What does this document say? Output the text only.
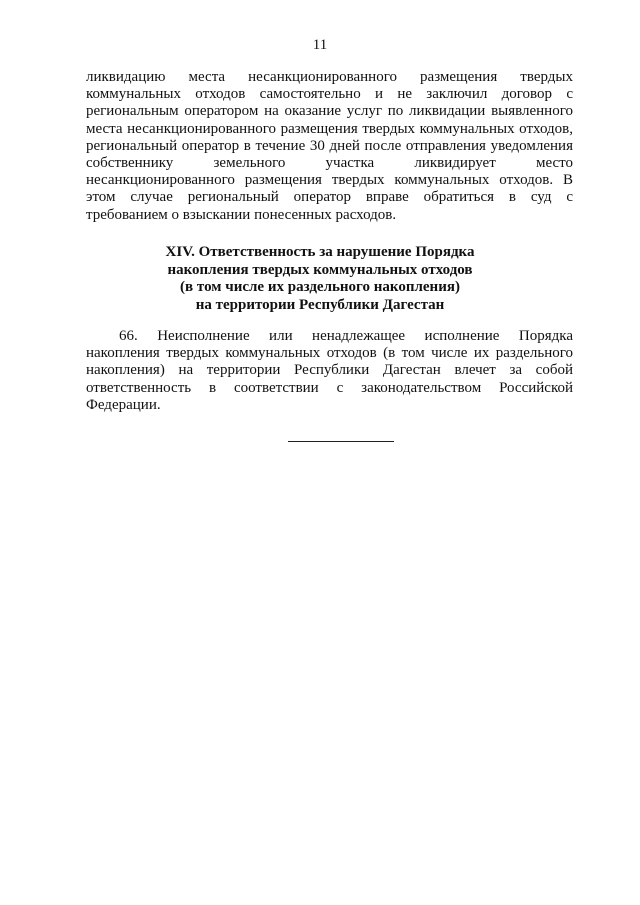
11
ликвидацию места несанкционированного размещения твердых
коммунальных отходов самостоятельно и не заключил договор с
региональным оператором на оказание услуг по ликвидации выявленного
места несанкционированного размещения твердых коммунальных отходов,
региональный оператор в течение 30 дней после отправления уведомления
собственнику земельного участка ликвидирует место
несанкционированного размещения твердых коммунальных отходов. В
этом случае региональный оператор вправе обратиться в суд с
требованием о взыскании понесенных расходов.
XIV. Ответственность за нарушение Порядка
накопления твердых коммунальных отходов
(в том числе их раздельного накопления)
на территории Республики Дагестан
66. Неисполнение или ненадлежащее исполнение Порядка
накопления твердых коммунальных отходов (в том числе их раздельного
накопления) на территории Республики Дагестан влечет за собой
ответственность в соответствии с законодательством Российской
Федерации.
